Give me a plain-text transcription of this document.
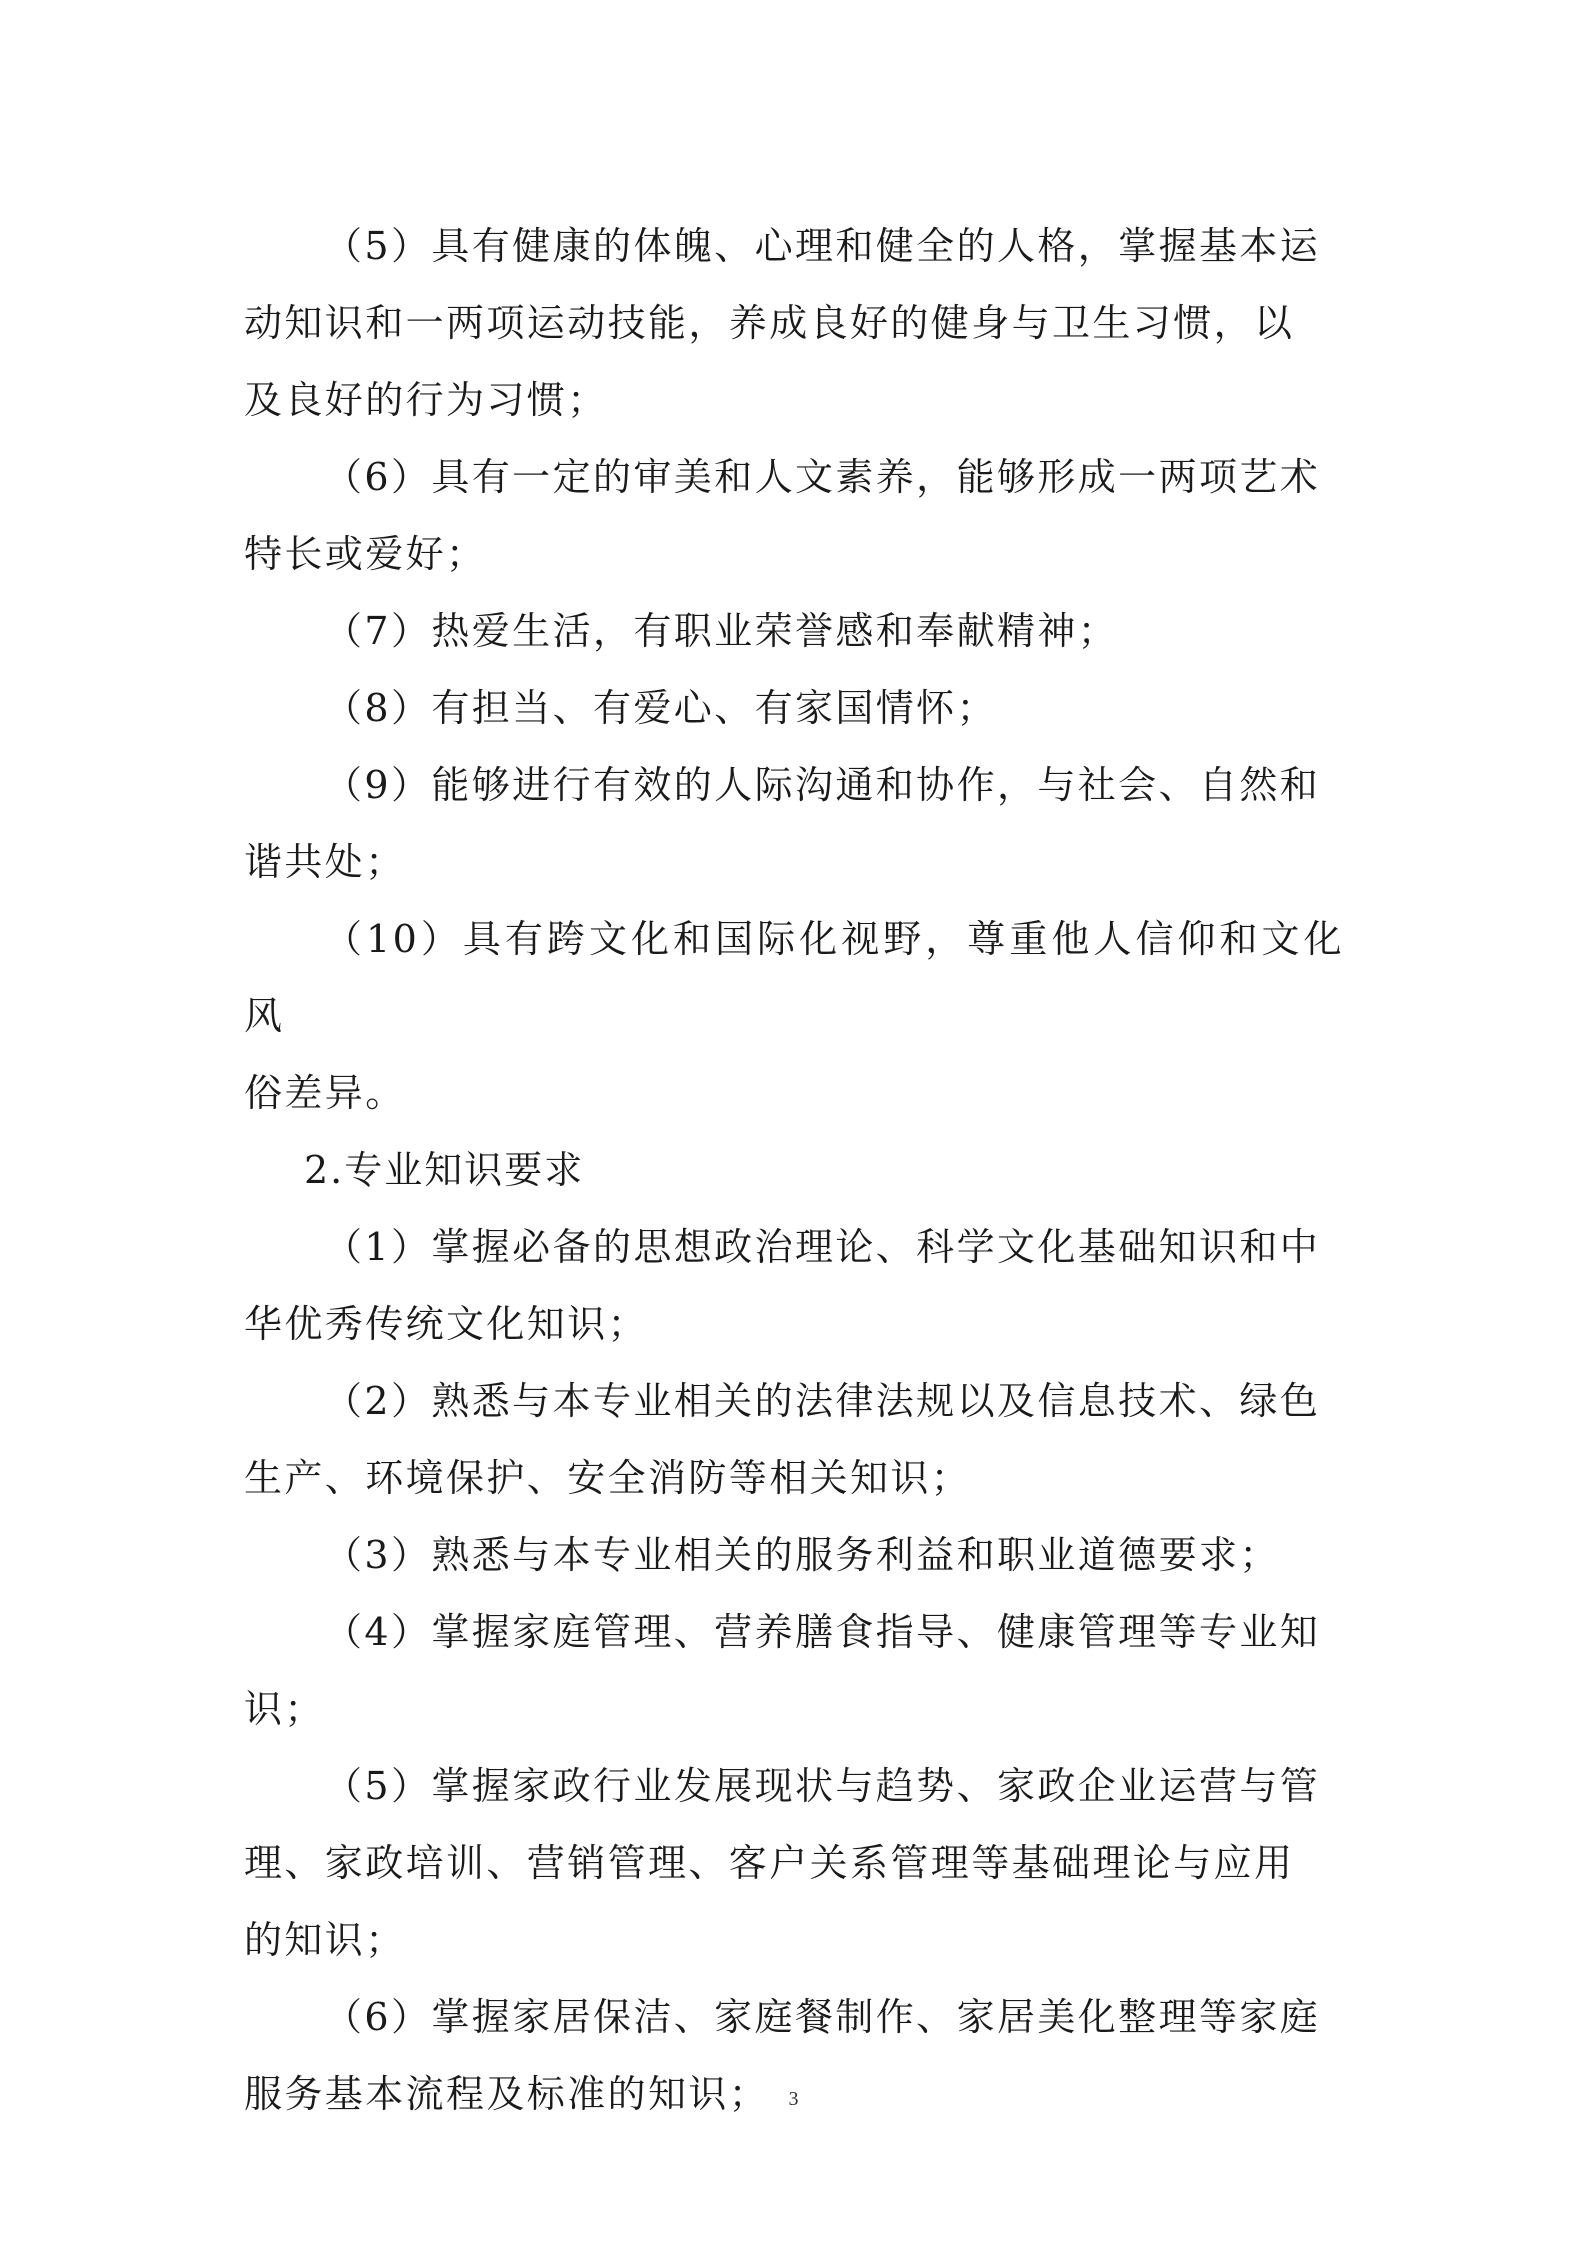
（5）具有健康的体魄、心理和健全的人格，掌握基本运
动知识和一两项运动技能，养成良好的健身与卫生习惯，以
及良好的行为习惯；

（6）具有一定的审美和人文素养，能够形成一两项艺术
特长或爱好；

（7）热爱生活，有职业荣誉感和奉献精神；

（8）有担当、有爱心、有家国情怀；

（9）能够进行有效的人际沟通和协作，与社会、自然和
谐共处；

（10）具有跨文化和国际化视野，尊重他人信仰和文化风
俗差异。

2.专业知识要求

（1）掌握必备的思想政治理论、科学文化基础知识和中
华优秀传统文化知识；

（2）熟悉与本专业相关的法律法规以及信息技术、绿色
生产、环境保护、安全消防等相关知识；

（3）熟悉与本专业相关的服务利益和职业道德要求；

（4）掌握家庭管理、营养膳食指导、健康管理等专业知
识；

（5）掌握家政行业发展现状与趋势、家政企业运营与管
理、家政培训、营销管理、客户关系管理等基础理论与应用
的知识；

（6）掌握家居保洁、家庭餐制作、家居美化整理等家庭
服务基本流程及标准的知识； 3
